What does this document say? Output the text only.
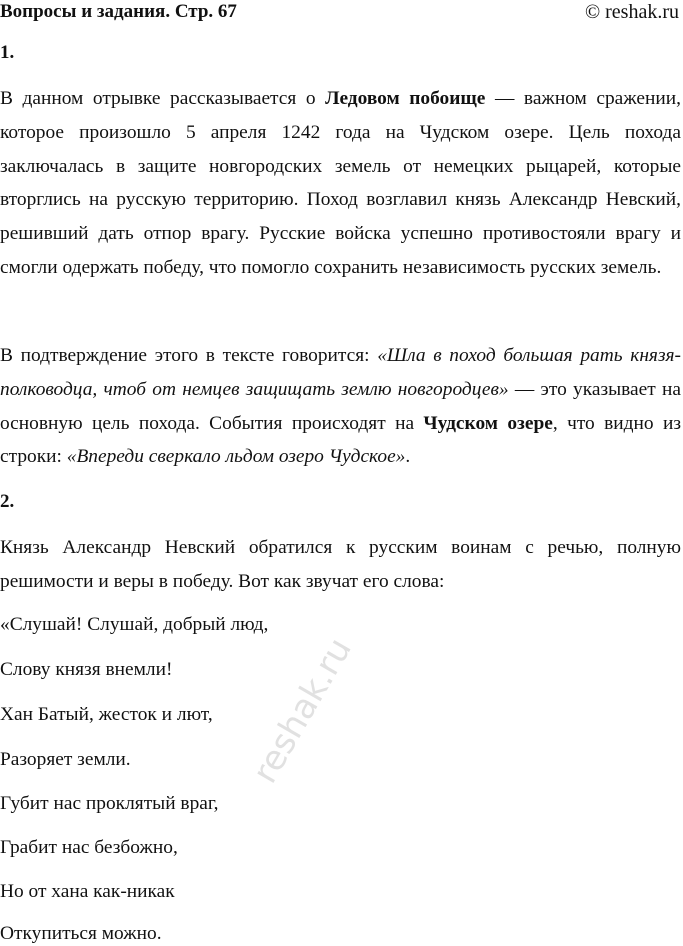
Вопросы и задания. Стр. 67	© reshak.ru
1.

В данном отрывке рассказывается о Ледовом побоище — важном сражении, которое произошло 5 апреля 1242 года на Чудском озере. Цель похода заключалась в защите новгородских земель от немецких рыцарей, которые вторглись на русскую территорию. Поход возглавил князь Александр Невский, решивший дать отпор врагу. Русские войска успешно противостояли врагу и смогли одержать победу, что помогло сохранить независимость русских земель.

В подтверждение этого в тексте говорится: «Шла в поход большая рать князя-полководца, чтоб от немцев защищать землю новгородцев» — это указывает на основную цель похода. События происходят на Чудском озере, что видно из строки: «Впереди сверкало льдом озеро Чудское».

2.

Князь Александр Невский обратился к русским воинам с речью, полную решимости и веры в победу. Вот как звучат его слова:

«Слушай! Слушай, добрый люд,
Слову князя внемли!
Хан Батый, жесток и лют,
Разоряет земли.
Губит нас проклятый враг,
Грабит нас безбожно,
Но от хана как-никак
Откупиться можно.
reshak.ru
